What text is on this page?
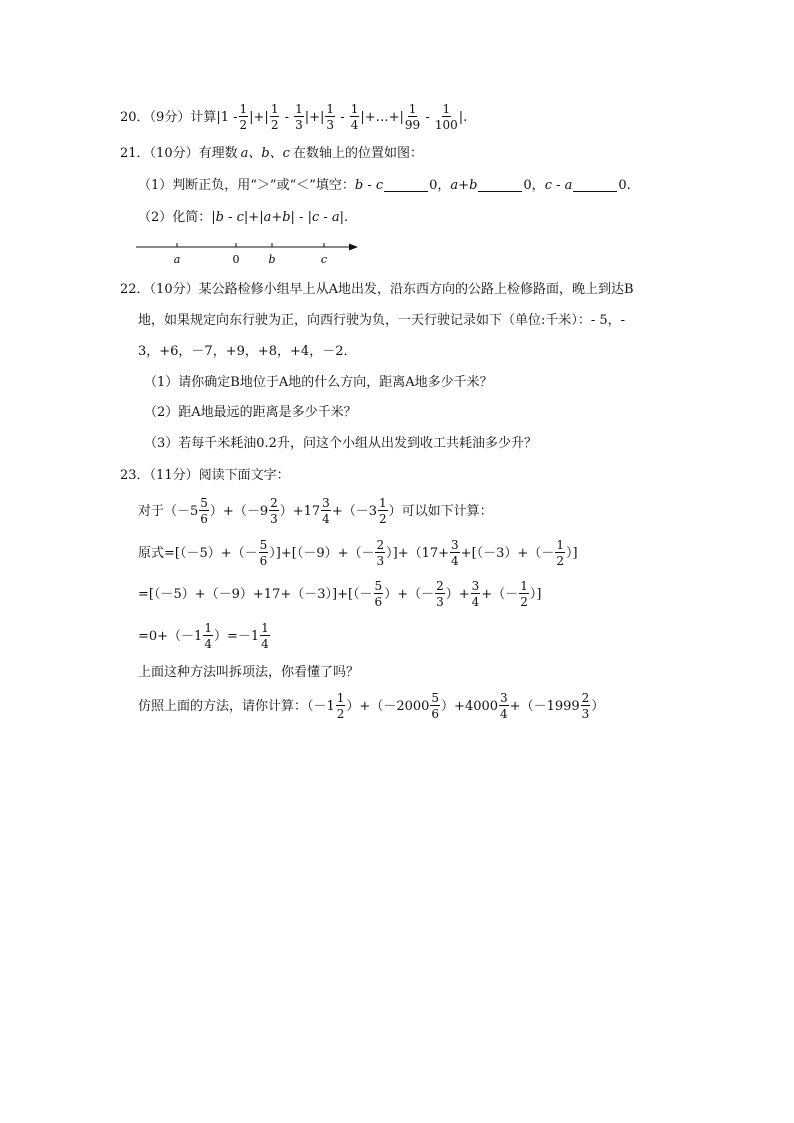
20．（9分）计算 $|1 - \frac{1}{2}$ |+| $\frac{1}{2} - \frac{1}{3}$ |+| $\frac{1}{3} - \frac{1}{4}$ |+…+| $\frac{1}{99} - \frac{1}{100}$ |.
21．（10分）有理数 a、b、c 在数轴上的位置如图：
（1）判断正负，用“＞”或“＜”填空： b - c	0 ， a+b	0 ， c - a	0 .
（2）化简： |b - c|+|a+b| - |c - a| .
a	0	b	c
22．（10分）某公路检修小组早上从A地出发，沿东西方向的公路上检修路面，晚上到达B
地，如果规定向东行驶为正，向西行驶为负，一天行驶记录如下（单位:千米）：- 5，-
3，+6，－7，+9，+8，+4，－2．
（1）请你确定B地位于A地的什么方向，距离A地多少千米？
（2）距A地最远的距离是多少千米？
（3）若每千米耗油0.2升，问这个小组从出发到收工共耗油多少升？
23．（11分）阅读下面文字：
对于$(-5 \frac{5}{6} )+(-9 \frac{2}{3} )+17 \frac{3}{4} +(-3 \frac{1}{2}$ ）可以如下计算：
原式$=[(-5)+(- \frac{5}{6} )]+[(-9)+(- \frac{2}{3} )]+(17+ \frac{3}{4} +[(-3)+(- \frac{1}{2}$ ）]
$=[(-5)+(-9)+17+(-3)]+[(- \frac{5}{6}$ ）+（－ $\frac{2}{3}$ ）+ $\frac{3}{4}$ +（－ $\frac{1}{2}$ ）]
$=0+(-1 \frac{1}{4} )=-1 \frac{1}{4}$
上面这种方法叫拆项法，你看懂了吗？
仿照上面的方法，请你计算：$(-1 \frac{1}{2} )+(-2000 \frac{5}{6} )+4000 \frac{3}{4} +(-1999 \frac{2}{3}$ ）
